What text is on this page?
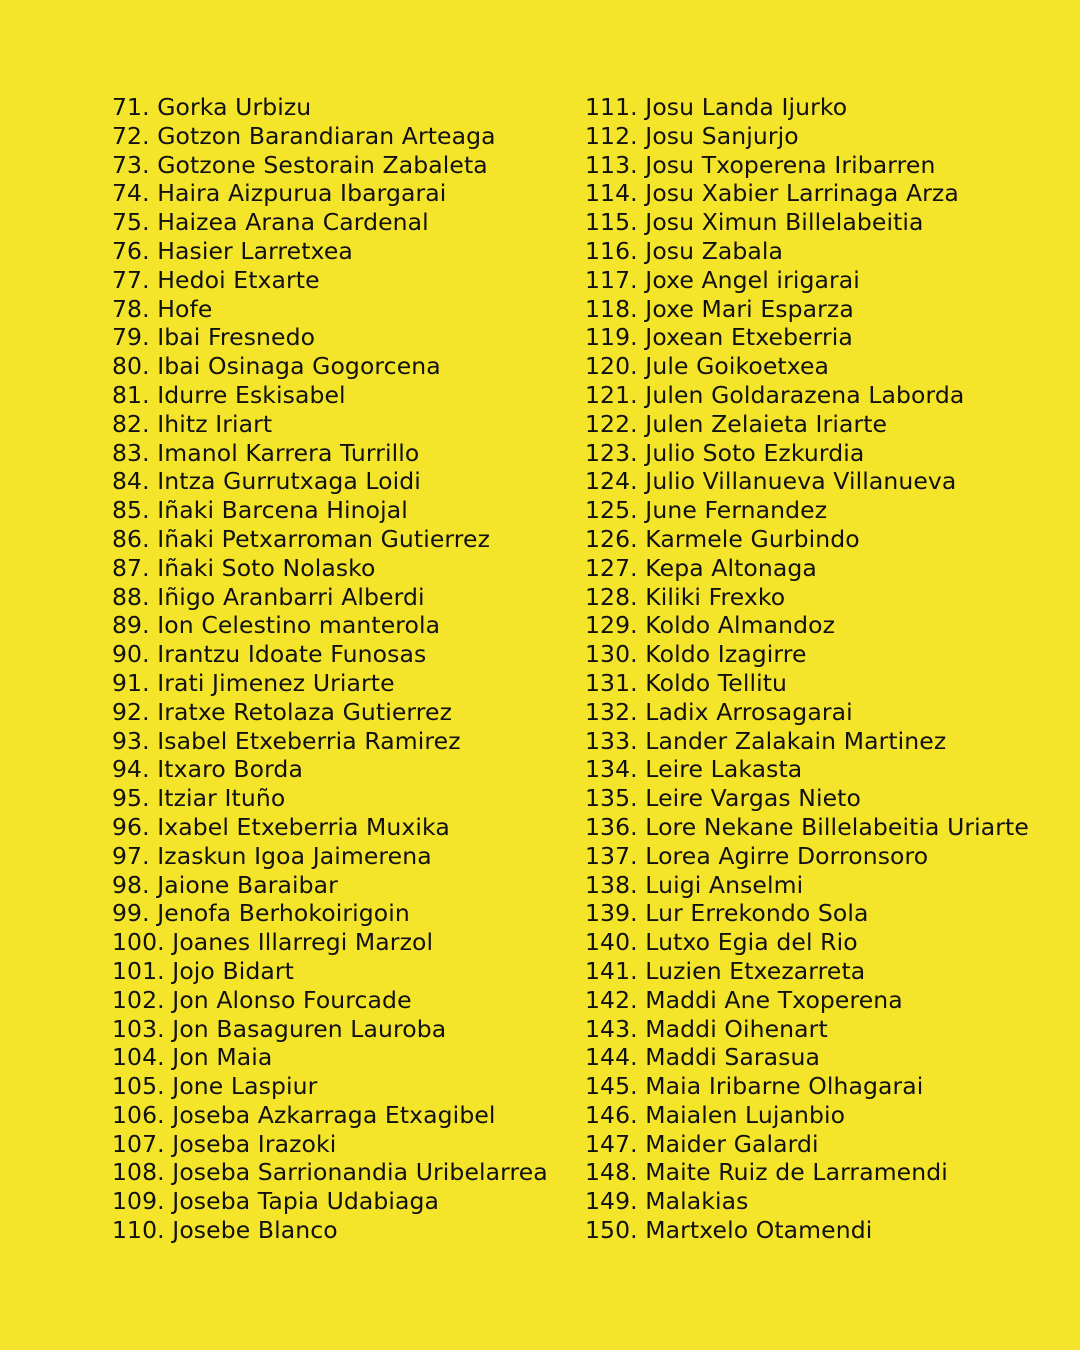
71. Gorka Urbizu
72. Gotzon Barandiaran Arteaga
73. Gotzone Sestorain Zabaleta
74. Haira Aizpurua Ibargarai
75. Haizea Arana Cardenal
76. Hasier Larretxea
77. Hedoi Etxarte
78. Hofe
79. Ibai Fresnedo
80. Ibai Osinaga Gogorcena
81. Idurre Eskisabel
82. Ihitz Iriart
83. Imanol Karrera Turrillo
84. Intza Gurrutxaga Loidi
85. Iñaki Barcena Hinojal
86. Iñaki Petxarroman Gutierrez
87. Iñaki Soto Nolasko
88. Iñigo Aranbarri Alberdi
89. Ion Celestino manterola
90. Irantzu Idoate Funosas
91. Irati Jimenez Uriarte
92. Iratxe Retolaza Gutierrez
93. Isabel Etxeberria Ramirez
94. Itxaro Borda
95. Itziar Ituño
96. Ixabel Etxeberria Muxika
97. Izaskun Igoa Jaimerena
98. Jaione Baraibar
99. Jenofa Berhokoirigoin
100. Joanes Illarregi Marzol
101. Jojo Bidart
102. Jon Alonso Fourcade
103. Jon Basaguren Lauroba
104. Jon Maia
105. Jone Laspiur
106. Joseba Azkarraga Etxagibel
107. Joseba Irazoki
108. Joseba Sarrionandia Uribelarrea
109. Joseba Tapia Udabiaga
110. Josebe Blanco
111. Josu Landa Ijurko
112. Josu Sanjurjo
113. Josu Txoperena Iribarren
114. Josu Xabier Larrinaga Arza
115. Josu Ximun Billelabeitia
116. Josu Zabala
117. Joxe Angel irigarai
118. Joxe Mari Esparza
119. Joxean Etxeberria
120. Jule Goikoetxea
121. Julen Goldarazena Laborda
122. Julen Zelaieta Iriarte
123. Julio Soto Ezkurdia
124. Julio Villanueva Villanueva
125. June Fernandez
126. Karmele Gurbindo
127. Kepa Altonaga
128. Kiliki Frexko
129. Koldo Almandoz
130. Koldo Izagirre
131. Koldo Tellitu
132. Ladix Arrosagarai
133. Lander Zalakain Martinez
134. Leire Lakasta
135. Leire Vargas Nieto
136. Lore Nekane Billelabeitia Uriarte
137. Lorea Agirre Dorronsoro
138. Luigi Anselmi
139. Lur Errekondo Sola
140. Lutxo Egia del Rio
141. Luzien Etxezarreta
142. Maddi Ane Txoperena
143. Maddi Oihenart
144. Maddi Sarasua
145. Maia Iribarne Olhagarai
146. Maialen Lujanbio
147. Maider Galardi
148. Maite Ruiz de Larramendi
149. Malakias
150. Martxelo Otamendi
